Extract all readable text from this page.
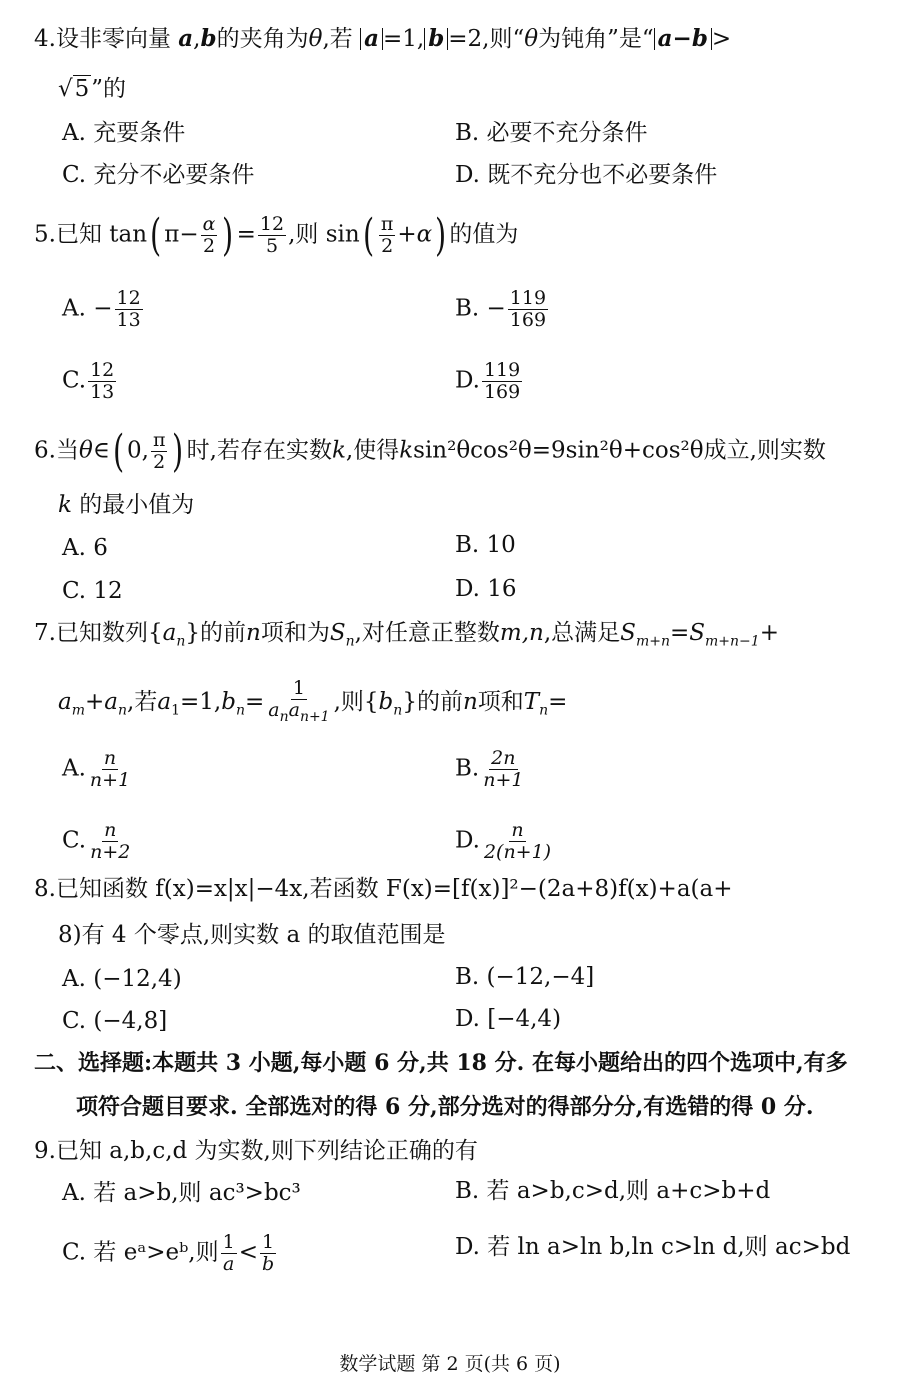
4.设非零向量 a,b的夹角为θ,若 a =1, b =2,则“θ为钝角”是“ a−b >
√5”的
A. 充要条件	B. 必要不充分条件
C. 充分不必要条件	D. 既不充分也不必要条件
5.已知 tan( $\pi- \frac{\alpha}{2}$ ) = $\frac{12}{5}$ ,则 $\sin( \frac{\pi}{2} +\alpha)$ 的值为
A. − $\frac{12}{13}$	B. − $\frac{119}{169}$
C. $\frac{12}{13}$	D. $\frac{119}{169}$
6.当θ∈( 0, $\frac{\pi}{2}$ ) 时,若存在实数k,使得ksin²θcos²θ=9sin²θ+cos²θ成立,则实数
k 的最小值为
A. 6	B. 10
C. 12	D. 16
7.已知数列$\{a_n\}$的前n项和为$S_n$,对任意正整数m,n,总满足$S_{m+n}=S_{m+n-1}+$
$a_m+a_n$,若$a_1=1,b_n= \frac{1}{a_na_{n+1}}$ ,则$\{b_n\}$的前n项和$T_n=$
A. $\frac{n}{n+1}$	B. $\frac{2n}{n+1}$
C. $\frac{n}{n+2}$	D. $\frac{n}{2(n+1)}$
8.已知函数 f(x)=x|x|−4x,若函数 F(x)=[f(x)]²−(2a+8)f(x)+a(a+
8)有 4 个零点,则实数 a 的取值范围是
A. (−12,4)	B. (−12,−4]
C. (−4,8]	D. [−4,4)
二、选择题:本题共 3 小题,每小题 6 分,共 18 分. 在每小题给出的四个选项中,有多
项符合题目要求. 全部选对的得 6 分,部分选对的得部分分,有选错的得 0 分.
9.已知 a,b,c,d 为实数,则下列结论正确的有
A. 若 a>b,则 ac³>bc³	B. 若 a>b,c>d,则 a+c>b+d
C. 若 eᵃ>eᵇ,则 $\frac{1}{a} < \frac{1}{b}$	D. 若 ln a>ln b,ln c>ln d,则 ac>bd
数学试题 第 2 页(共 6 页)
